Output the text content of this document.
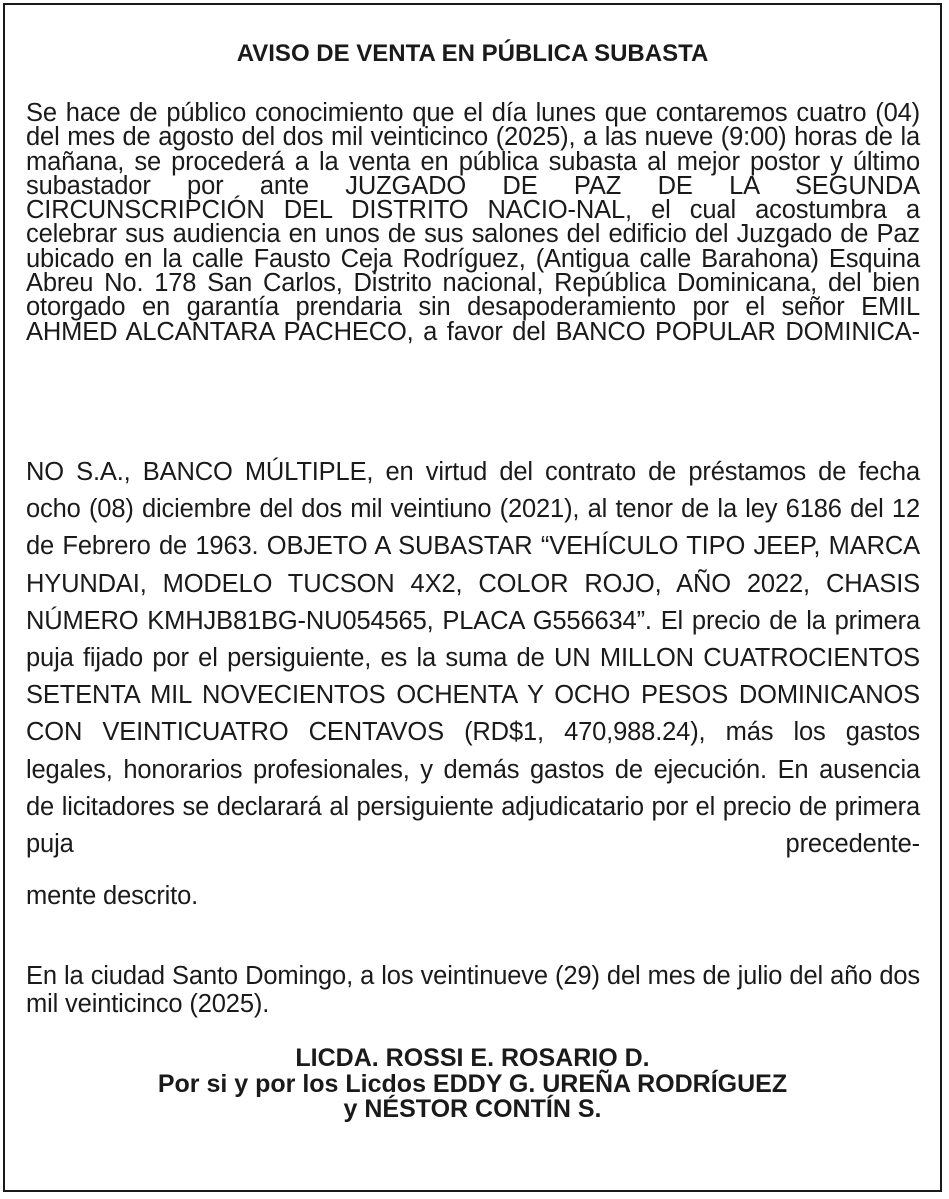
AVISO DE VENTA EN PÚBLICA SUBASTA

Se hace de público conocimiento que el día lunes que contaremos cuatro (04) del mes de agosto del dos mil veinticinco (2025), a las nueve (9:00) horas de la mañana, se procederá a la venta en pública subasta al mejor postor y último subastador por ante JUZGADO DE PAZ DE LA SEGUNDA CIRCUNSCRIPCIÓN DEL DISTRITO NACIO-NAL, el cual acostumbra a celebrar sus audiencia en unos de sus salones del edificio del Juzgado de Paz ubicado en la calle Fausto Ceja Rodríguez, (Antigua calle Barahona) Esquina Abreu No. 178 San Carlos, Distrito nacional, República Dominicana, del bien otorgado en garantía prendaria sin desapoderamiento por el señor EMIL AHMED ALCANTARA PACHECO, a favor del BANCO POPULAR DOMINICA-

NO S.A., BANCO MÚLTIPLE, en virtud del contrato de préstamos de fecha ocho (08) diciembre del dos mil veintiuno (2021), al tenor de la ley 6186 del 12 de Febrero de 1963. OBJETO A SUBASTAR “VEHÍCULO TIPO JEEP, MARCA HYUNDAI, MODELO TUCSON 4X2, COLOR ROJO, AÑO 2022, CHASIS NÚMERO KMHJB81BG-NU054565, PLACA G556634”. El precio de la primera puja fijado por el persiguiente, es la suma de UN MILLON CUATROCIENTOS SETENTA MIL NOVECIENTOS OCHENTA Y OCHO PESOS DOMINICANOS CON VEINTICUATRO CENTAVOS (RD$1, 470,988.24), más los gastos legales, honorarios profesionales, y demás gastos de ejecución. En ausencia de licitadores se declarará al persiguiente adjudicatario por el precio de primera puja precedente-

mente descrito.

En la ciudad Santo Domingo, a los veintinueve (29) del mes de julio del año dos mil veinticinco (2025).

LICDA. ROSSI E. ROSARIO D.
Por si y por los Licdos EDDY G. UREÑA RODRÍGUEZ
y NÉSTOR CONTÍN S.
